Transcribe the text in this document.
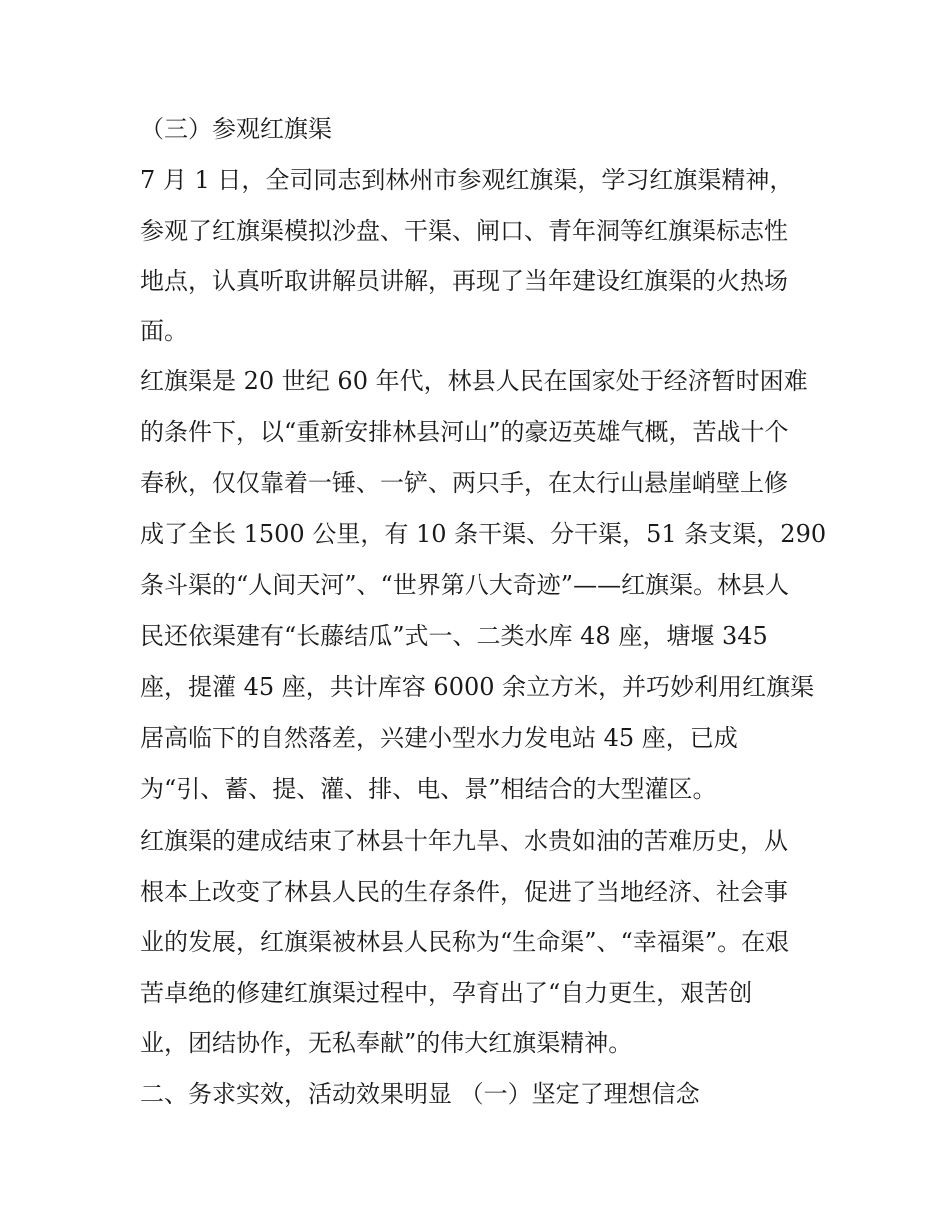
（三）参观红旗渠

7 月 1 日，全司同志到林州市参观红旗渠，学习红旗渠精神，

参观了红旗渠模拟沙盘、干渠、闸口、青年洞等红旗渠标志性

地点，认真听取讲解员讲解，再现了当年建设红旗渠的火热场

面。

红旗渠是 20 世纪 60 年代，林县人民在国家处于经济暂时困难

的条件下，以“重新安排林县河山”的豪迈英雄气概，苦战十个

春秋，仅仅靠着一锤、一铲、两只手，在太行山悬崖峭壁上修

成了全长 1500 公里，有 10 条干渠、分干渠，51 条支渠，290

条斗渠的“人间天河”、“世界第八大奇迹”——红旗渠。林县人

民还依渠建有“长藤结瓜”式一、二类水库 48 座，塘堰 345

座，提灌 45 座，共计库容 6000 余立方米，并巧妙利用红旗渠

居高临下的自然落差，兴建小型水力发电站 45 座，已成

为“引、蓄、提、灌、排、电、景”相结合的大型灌区。

红旗渠的建成结束了林县十年九旱、水贵如油的苦难历史，从

根本上改变了林县人民的生存条件，促进了当地经济、社会事

业的发展，红旗渠被林县人民称为“生命渠”、“幸福渠”。在艰

苦卓绝的修建红旗渠过程中，孕育出了“自力更生，艰苦创

业，团结协作，无私奉献”的伟大红旗渠精神。

二、务求实效，活动效果明显 （一）坚定了理想信念
